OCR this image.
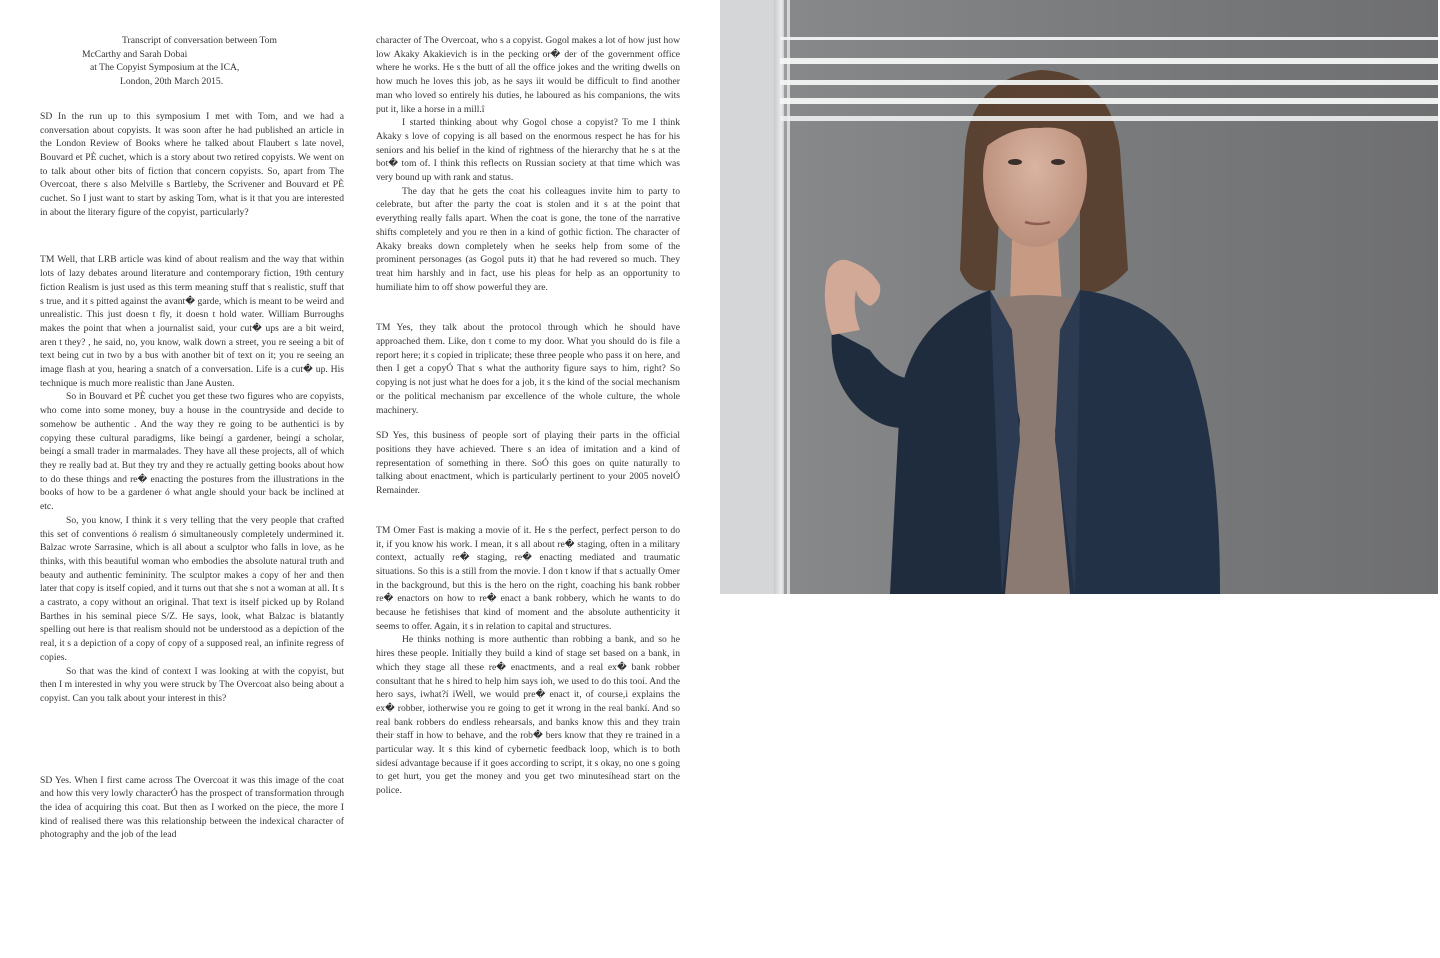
Transcript of conversation between Tom

McCarthy and Sarah Dobai

at The Copyist Symposium at the ICA,

London, 20th March 2015.

SD In the run up to this symposium I met with Tom, and we had a conversation about copyists. It was soon after he had published an article in the London Review of Books where he talked about Flaubert s late novel, Bouvard et PÈ cuchet, which is a story about two retired copyists. We went on to talk about other bits of fiction that concern copyists. So, apart from The Overcoat, there s also Melville s Bartleby, the Scrivener and Bouvard et PÈ cuchet. So I just want to start by asking Tom, what is it that you are interested in about the literary figure of the copyist, particularly?

TM Well, that LRB article was kind of about realism and the way that within lots of lazy debates around literature and contemporary fiction, 19th century fiction Realism is just used as this term meaning stuff that s realistic, stuff that s true, and it s pitted against the avant� garde, which is meant to be weird and unrealistic. This just doesn t fly, it doesn t hold water. William Burroughs makes the point that when a journalist said, your cut� ups are a bit weird, aren t they? , he said, no, you know, walk down a street, you re seeing a bit of text being cut in two by a bus with another bit of text on it; you re seeing an image flash at you, hearing a snatch of a conversation. Life is a cut� up. His technique is much more realistic than Jane Austen.

So in Bouvard et PÈ cuchet you get these two figures who are copyists, who come into some money, buy a house in the countryside and decide to somehow be authentic . And the way they re going to be authentici is by copying these cultural paradigms, like beingí a gardener, beingí a scholar, beingí a small trader in marmalades. They have all these projects, all of which they re really bad at. But they try and they re actually getting books about how to do these things and re� enacting the postures from the illustrations in the books of how to be a gardener ó what angle should your back be inclined at etc.

So, you know, I think it s very telling that the very people that crafted this set of conventions ó realism ó simultaneously completely undermined it. Balzac wrote Sarrasine, which is all about a sculptor who falls in love, as he thinks, with this beautiful woman who embodies the absolute natural truth and beauty and authentic femininity. The sculptor makes a copy of her and then later that copy is itself copied, and it turns out that she s not a woman at all. It s a castrato, a copy without an original. That text is itself picked up by Roland Barthes in his seminal piece S/Z. He says, look, what Balzac is blatantly spelling out here is that realism should not be understood as a depiction of the real, it s a depiction of a copy of copy of a supposed real, an infinite regress of copies.

So that was the kind of context I was looking at with the copyist, but then I m interested in why you were struck by The Overcoat also being about a copyist. Can you talk about your interest in this?

SD Yes. When I first came across The Overcoat it was this image of the coat and how this very lowly characterÓ has the prospect of transformation through the idea of acquiring this coat. But then as I worked on the piece, the more I kind of realised there was this relationship between the indexical character of photography and the job of the lead

character of The Overcoat, who s a copyist. Gogol makes a lot of how just how low Akaky Akakievich is in the pecking or� der of the government office where he works. He s the butt of all the office jokes and the writing dwells on how much he loves this job, as he says iit would be difficult to find another man who loved so entirely his duties, he laboured as his companions, the wits put it, like a horse in a mill.î

I started thinking about why Gogol chose a copyist? To me I think Akaky s love of copying is all based on the enormous respect he has for his seniors and his belief in the kind of rightness of the hierarchy that he s at the bot� tom of. I think this reflects on Russian society at that time which was very bound up with rank and status.

The day that he gets the coat his colleagues invite him to party to celebrate, but after the party the coat is stolen and it s at the point that everything really falls apart. When the coat is gone, the tone of the narrative shifts completely and you re then in a kind of gothic fiction. The character of Akaky breaks down completely when he seeks help from some of the prominent personages (as Gogol puts it) that he had revered so much. They treat him harshly and in fact, use his pleas for help as an opportunity to humiliate him to off show powerful they are.

TM Yes, they talk about the protocol through which he should have approached them. Like, don t come to my door. What you should do is file a report here; it s copied in triplicate; these three people who pass it on here, and then I get a copyÓ That s what the authority figure says to him, right? So copying is not just what he does for a job, it s the kind of the social mechanism or the political mechanism par excellence of the whole culture, the whole machinery.

SD Yes, this business of people sort of playing their parts in the official positions they have achieved. There s an idea of imitation and a kind of representation of something in there. SoÓ this goes on quite naturally to talking about enactment, which is particularly pertinent to your 2005 novelÓ Remainder.

TM Omer Fast is making a movie of it. He s the perfect, perfect person to do it, if you know his work. I mean, it s all about re� staging, often in a military context, actually re� staging, re� enacting mediated and traumatic situations. So this is a still from the movie. I don t know if that s actually Omer in the background, but this is the hero on the right, coaching his bank robber re� enactors on how to re� enact a bank robbery, which he wants to do because he fetishises that kind of moment and the absolute authenticity it seems to offer. Again, it s in relation to capital and structures.

He thinks nothing is more authentic than robbing a bank, and so he hires these people. Initially they build a kind of stage set based on a bank, in which they stage all these re� enactments, and a real ex� bank robber consultant that he s hired to help him says ioh, we used to do this tooí. And the hero says, iwhat?í iWell, we would pre� enact it, of course,ì explains the ex� robber, iotherwise you re going to get it wrong in the real bankí. And so real bank robbers do endless rehearsals, and banks know this and they train their staff in how to behave, and the rob� bers know that they re trained in a particular way. It s this kind of cybernetic feedback loop, which is to both sidesí advantage because if it goes according to script, it s okay, no one s going to get hurt, you get the money and you get two minutesíhead start on the police.
